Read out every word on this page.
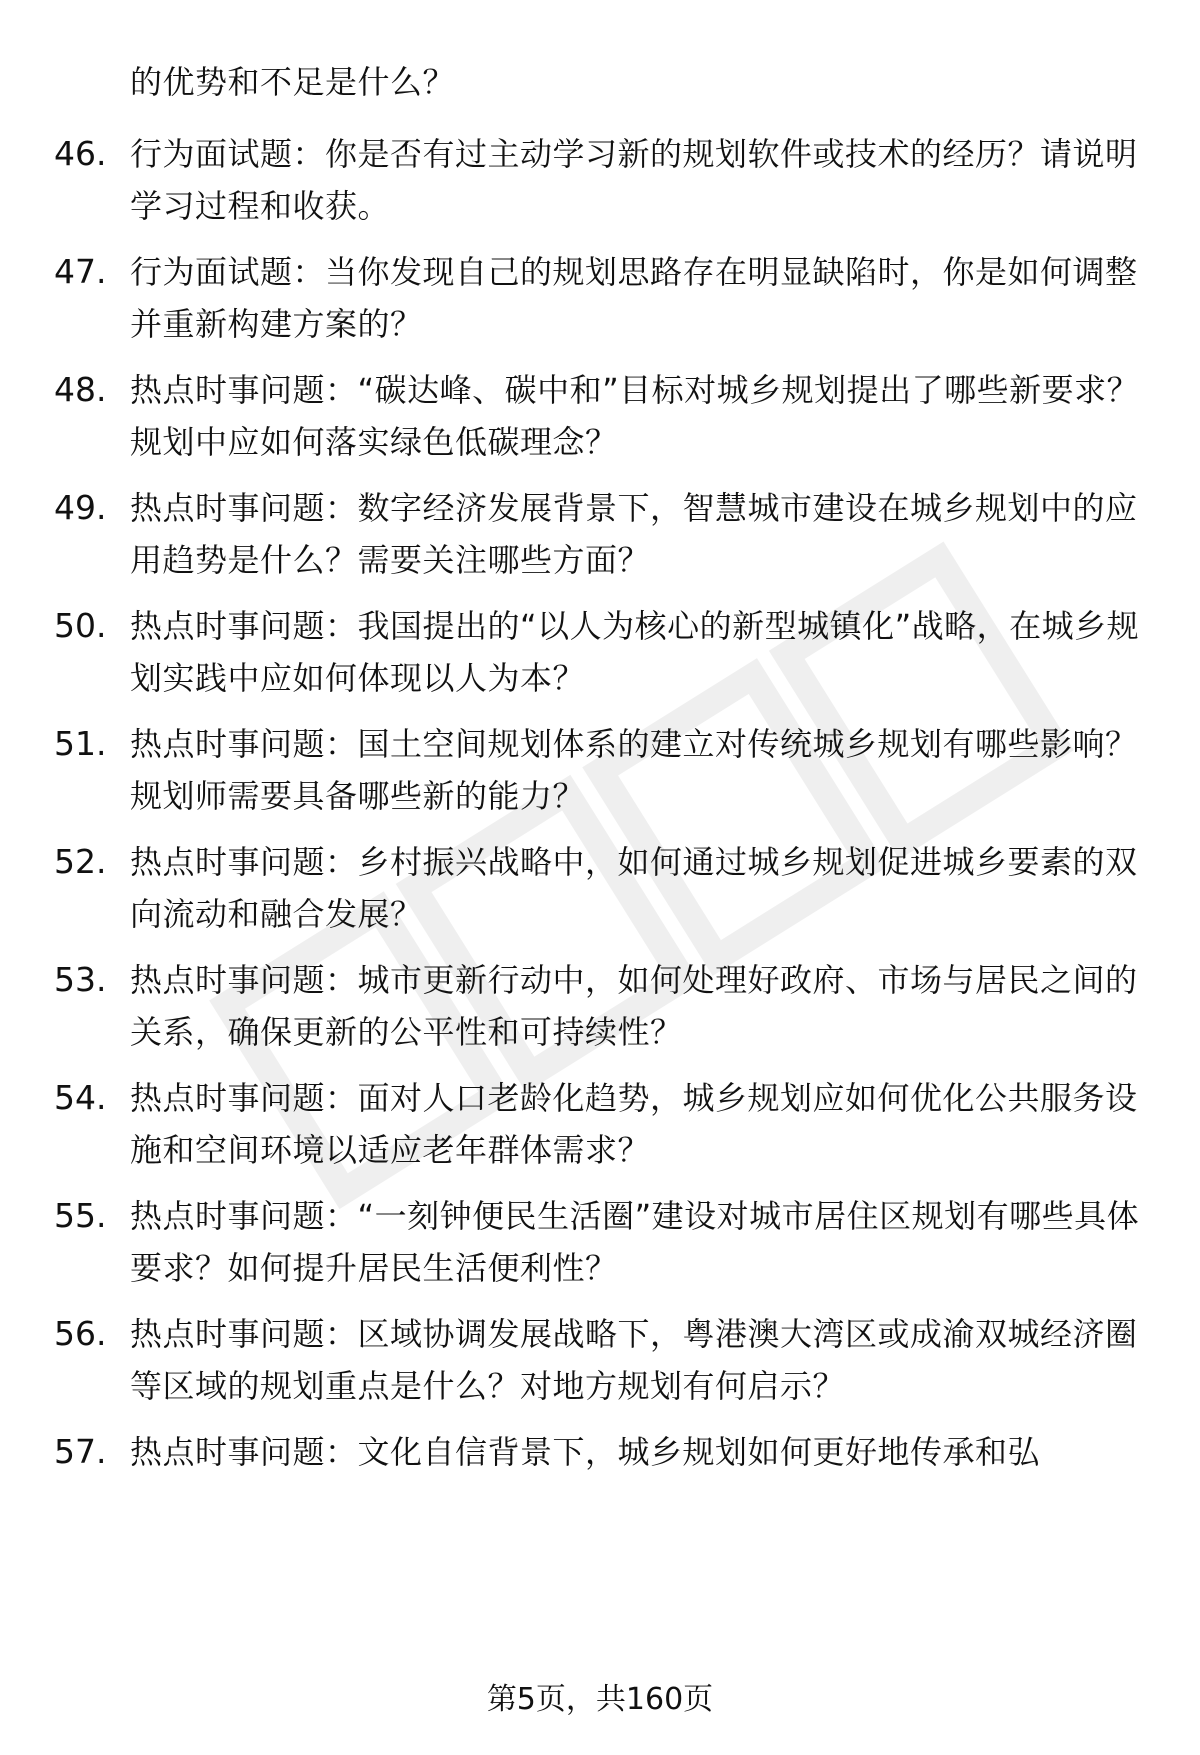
的优势和不足是什么？
46. 行为面试题：你是否有过主动学习新的规划软件或技术的经历？请说明学习过程和收获。
47. 行为面试题：当你发现自己的规划思路存在明显缺陷时，你是如何调整并重新构建方案的？
48. 热点时事问题：“碳达峰、碳中和”目标对城乡规划提出了哪些新要求？规划中应如何落实绿色低碳理念？
49. 热点时事问题：数字经济发展背景下，智慧城市建设在城乡规划中的应用趋势是什么？需要关注哪些方面？
50. 热点时事问题：我国提出的“以人为核心的新型城镇化”战略，在城乡规划实践中应如何体现以人为本？
51. 热点时事问题：国土空间规划体系的建立对传统城乡规划有哪些影响？规划师需要具备哪些新的能力？
52. 热点时事问题：乡村振兴战略中，如何通过城乡规划促进城乡要素的双向流动和融合发展？
53. 热点时事问题：城市更新行动中，如何处理好政府、市场与居民之间的关系，确保更新的公平性和可持续性？
54. 热点时事问题：面对人口老龄化趋势，城乡规划应如何优化公共服务设施和空间环境以适应老年群体需求？
55. 热点时事问题：“一刻钟便民生活圈”建设对城市居住区规划有哪些具体要求？如何提升居民生活便利性？
56. 热点时事问题：区域协调发展战略下，粤港澳大湾区或成渝双城经济圈等区域的规划重点是什么？对地方规划有何启示？
57. 热点时事问题：文化自信背景下，城乡规划如何更好地传承和弘
第5页，共160页
